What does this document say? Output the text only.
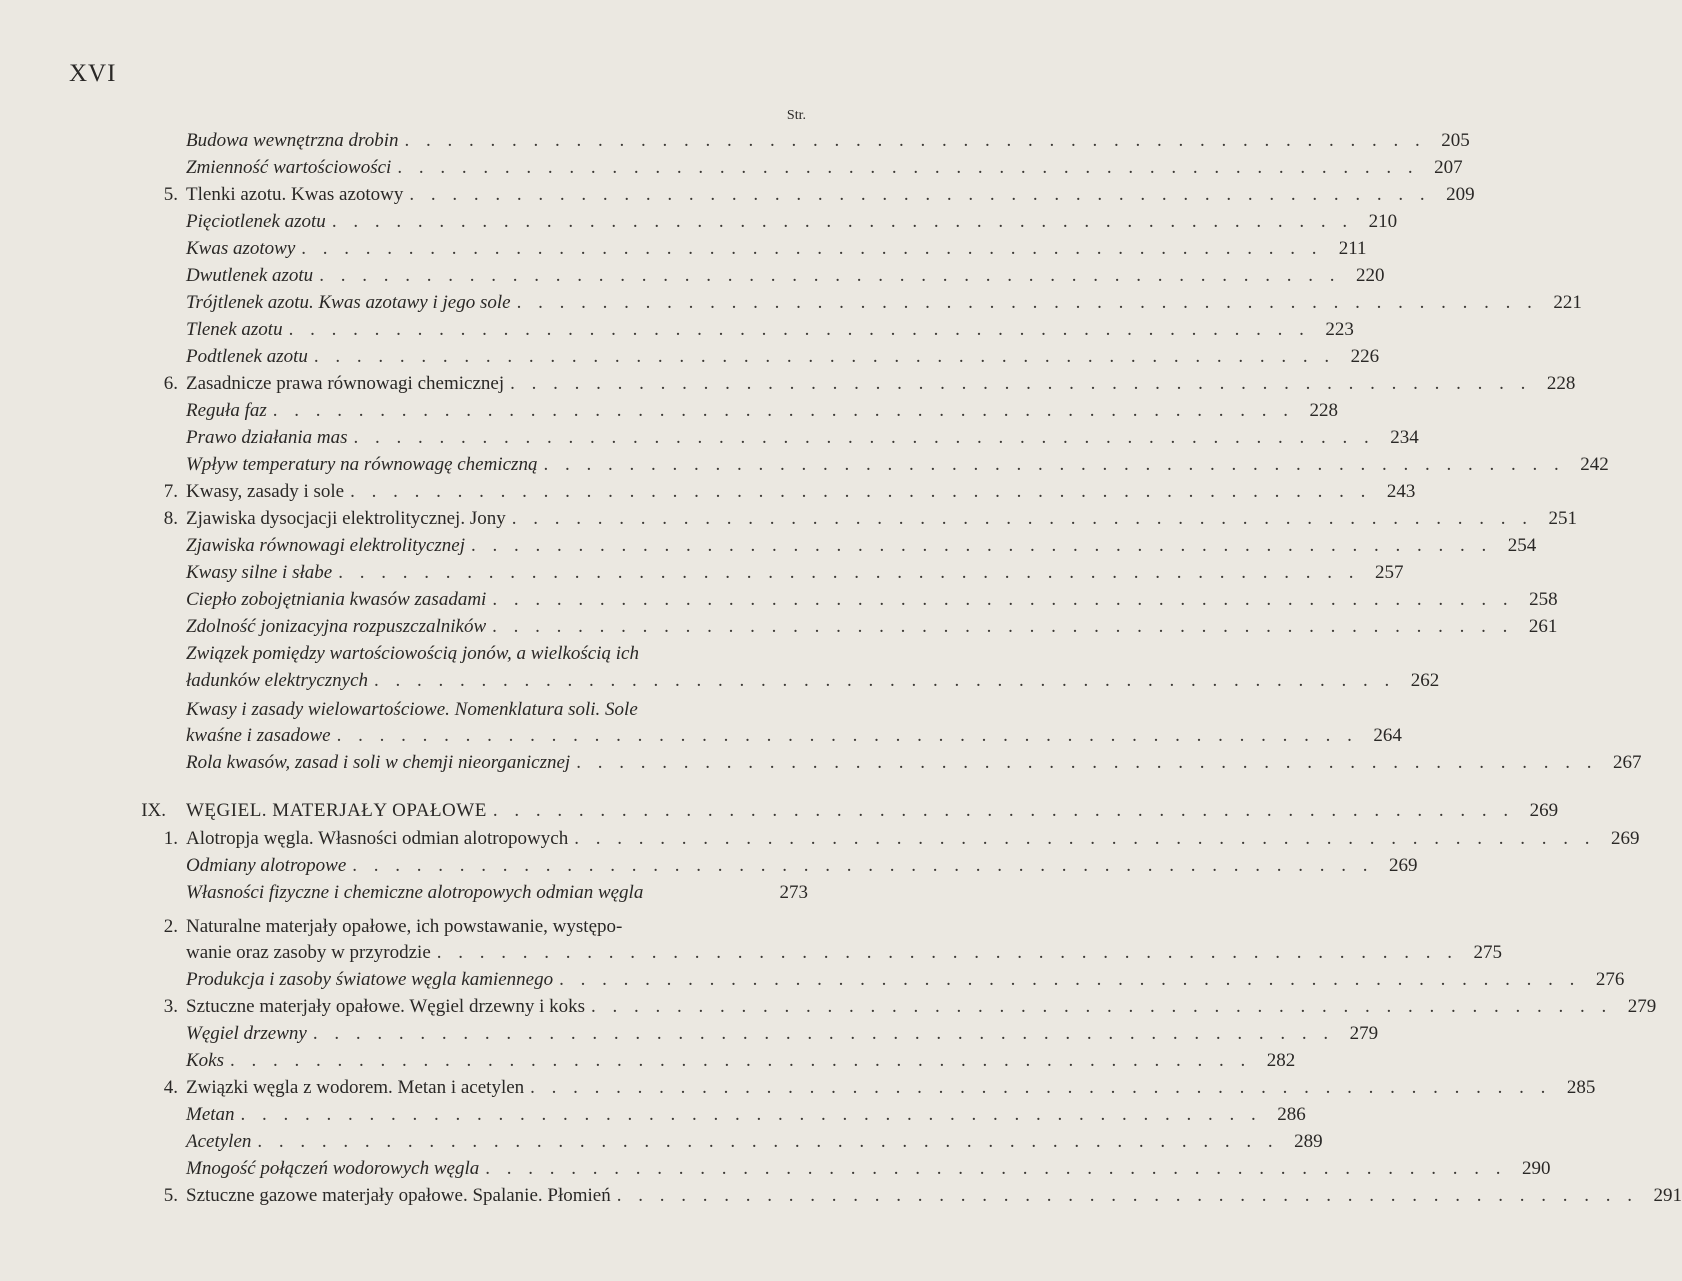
XVI
Str.
Budowa wewnętrzna drobin . . . . . . . . . . . . . . . . . . . . . . . . . . . . . . . . . . . . . . . . . . . . . . . . 205
Zmienność wartościowości . . . . . . . . . . . . . . . . . . . . . . . . . . . . . . . . . . . . . . . . . . . . . . . . 207
5. Tlenki azotu. Kwas azotowy . . . . . . . . . . . . . . . . . . . . . . . . . . . . . . . . . . . . . . . . . . . . . . . . 209
Pięciotlenek azotu . . . . . . . . . . . . . . . . . . . . . . . . . . . . . . . . . . . . . . . . . . . . . . . . 210
Kwas azotowy . . . . . . . . . . . . . . . . . . . . . . . . . . . . . . . . . . . . . . . . . . . . . . . . 211
Dwutlenek azotu . . . . . . . . . . . . . . . . . . . . . . . . . . . . . . . . . . . . . . . . . . . . . . . . 220
Trójtlenek azotu. Kwas azotawy i jego sole . . . . . . . . . . . . . . . . . . . . . . . . . . . . . . . . . . . . . . . . . . . . . . . . 221
Tlenek azotu . . . . . . . . . . . . . . . . . . . . . . . . . . . . . . . . . . . . . . . . . . . . . . . . 223
Podtlenek azotu . . . . . . . . . . . . . . . . . . . . . . . . . . . . . . . . . . . . . . . . . . . . . . . . 226
6. Zasadnicze prawa równowagi chemicznej . . . . . . . . . . . . . . . . . . . . . . . . . . . . . . . . . . . . . . . . . . . . . . . . 228
Reguła faz . . . . . . . . . . . . . . . . . . . . . . . . . . . . . . . . . . . . . . . . . . . . . . . . 228
Prawo działania mas . . . . . . . . . . . . . . . . . . . . . . . . . . . . . . . . . . . . . . . . . . . . . . . . 234
Wpływ temperatury na równowagę chemiczną . . . . . . . . . . . . . . . . . . . . . . . . . . . . . . . . . . . . . . . . . . . . . . . . 242
7. Kwasy, zasady i sole . . . . . . . . . . . . . . . . . . . . . . . . . . . . . . . . . . . . . . . . . . . . . . . . 243
8. Zjawiska dysocjacji elektrolitycznej. Jony . . . . . . . . . . . . . . . . . . . . . . . . . . . . . . . . . . . . . . . . . . . . . . . . 251
Zjawiska równowagi elektrolitycznej . . . . . . . . . . . . . . . . . . . . . . . . . . . . . . . . . . . . . . . . . . . . . . . . 254
Kwasy silne i słabe . . . . . . . . . . . . . . . . . . . . . . . . . . . . . . . . . . . . . . . . . . . . . . . . 257
Ciepło zobojętniania kwasów zasadami . . . . . . . . . . . . . . . . . . . . . . . . . . . . . . . . . . . . . . . . . . . . . . . . 258
Zdolność jonizacyjna rozpuszczalników . . . . . . . . . . . . . . . . . . . . . . . . . . . . . . . . . . . . . . . . . . . . . . . . 261
Związek pomiędzy wartościowością jonów, a wielkością ich
ładunków elektrycznych . . . . . . . . . . . . . . . . . . . . . . . . . . . . . . . . . . . . . . . . . . . . . . . . 262
Kwasy i zasady wielowartościowe. Nomenklatura soli. Sole
kwaśne i zasadowe . . . . . . . . . . . . . . . . . . . . . . . . . . . . . . . . . . . . . . . . . . . . . . . . 264
Rola kwasów, zasad i soli w chemji nieorganicznej . . . . . . . . . . . . . . . . . . . . . . . . . . . . . . . . . . . . . . . . . . . . . . . . 267
IX. WĘGIEL. MATERJAŁY OPAŁOWE . . . . . . . . . . . . . . . . . . . . . . . . . . . . . . . . . . . . . . . . . . . . . . . . 269
1. Alotropja węgla. Własności odmian alotropowych . . . . . . . . . . . . . . . . . . . . . . . . . . . . . . . . . . . . . . . . . . . . . . . . 269
Odmiany alotropowe . . . . . . . . . . . . . . . . . . . . . . . . . . . . . . . . . . . . . . . . . . . . . . . . 269
Własności fizyczne i chemiczne alotropowych odmian węgla	273
2. Naturalne materjały opałowe, ich powstawanie, występo-
wanie oraz zasoby w przyrodzie . . . . . . . . . . . . . . . . . . . . . . . . . . . . . . . . . . . . . . . . . . . . . . . . 275
Produkcja i zasoby światowe węgla kamiennego . . . . . . . . . . . . . . . . . . . . . . . . . . . . . . . . . . . . . . . . . . . . . . . . 276
3. Sztuczne materjały opałowe. Węgiel drzewny i koks . . . . . . . . . . . . . . . . . . . . . . . . . . . . . . . . . . . . . . . . . . . . . . . . 279
Węgiel drzewny . . . . . . . . . . . . . . . . . . . . . . . . . . . . . . . . . . . . . . . . . . . . . . . . 279
Koks . . . . . . . . . . . . . . . . . . . . . . . . . . . . . . . . . . . . . . . . . . . . . . . . 282
4. Związki węgla z wodorem. Metan i acetylen . . . . . . . . . . . . . . . . . . . . . . . . . . . . . . . . . . . . . . . . . . . . . . . . 285
Metan . . . . . . . . . . . . . . . . . . . . . . . . . . . . . . . . . . . . . . . . . . . . . . . . 286
Acetylen . . . . . . . . . . . . . . . . . . . . . . . . . . . . . . . . . . . . . . . . . . . . . . . . 289
Mnogość połączeń wodorowych węgla . . . . . . . . . . . . . . . . . . . . . . . . . . . . . . . . . . . . . . . . . . . . . . . . 290
5. Sztuczne gazowe materjały opałowe. Spalanie. Płomień . . . . . . . . . . . . . . . . . . . . . . . . . . . . . . . . . . . . . . . . . . . . . . . . 291
